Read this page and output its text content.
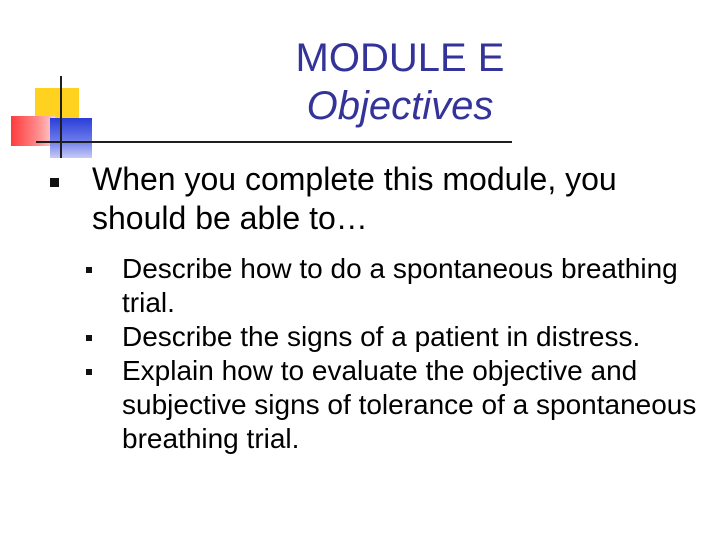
MODULE E
Objectives
When you complete this module, you should be able to…
Describe how to do a spontaneous breathing trial.
Describe the signs of a patient in distress.
Explain how to evaluate the objective and subjective signs of tolerance of a spontaneous breathing trial.
